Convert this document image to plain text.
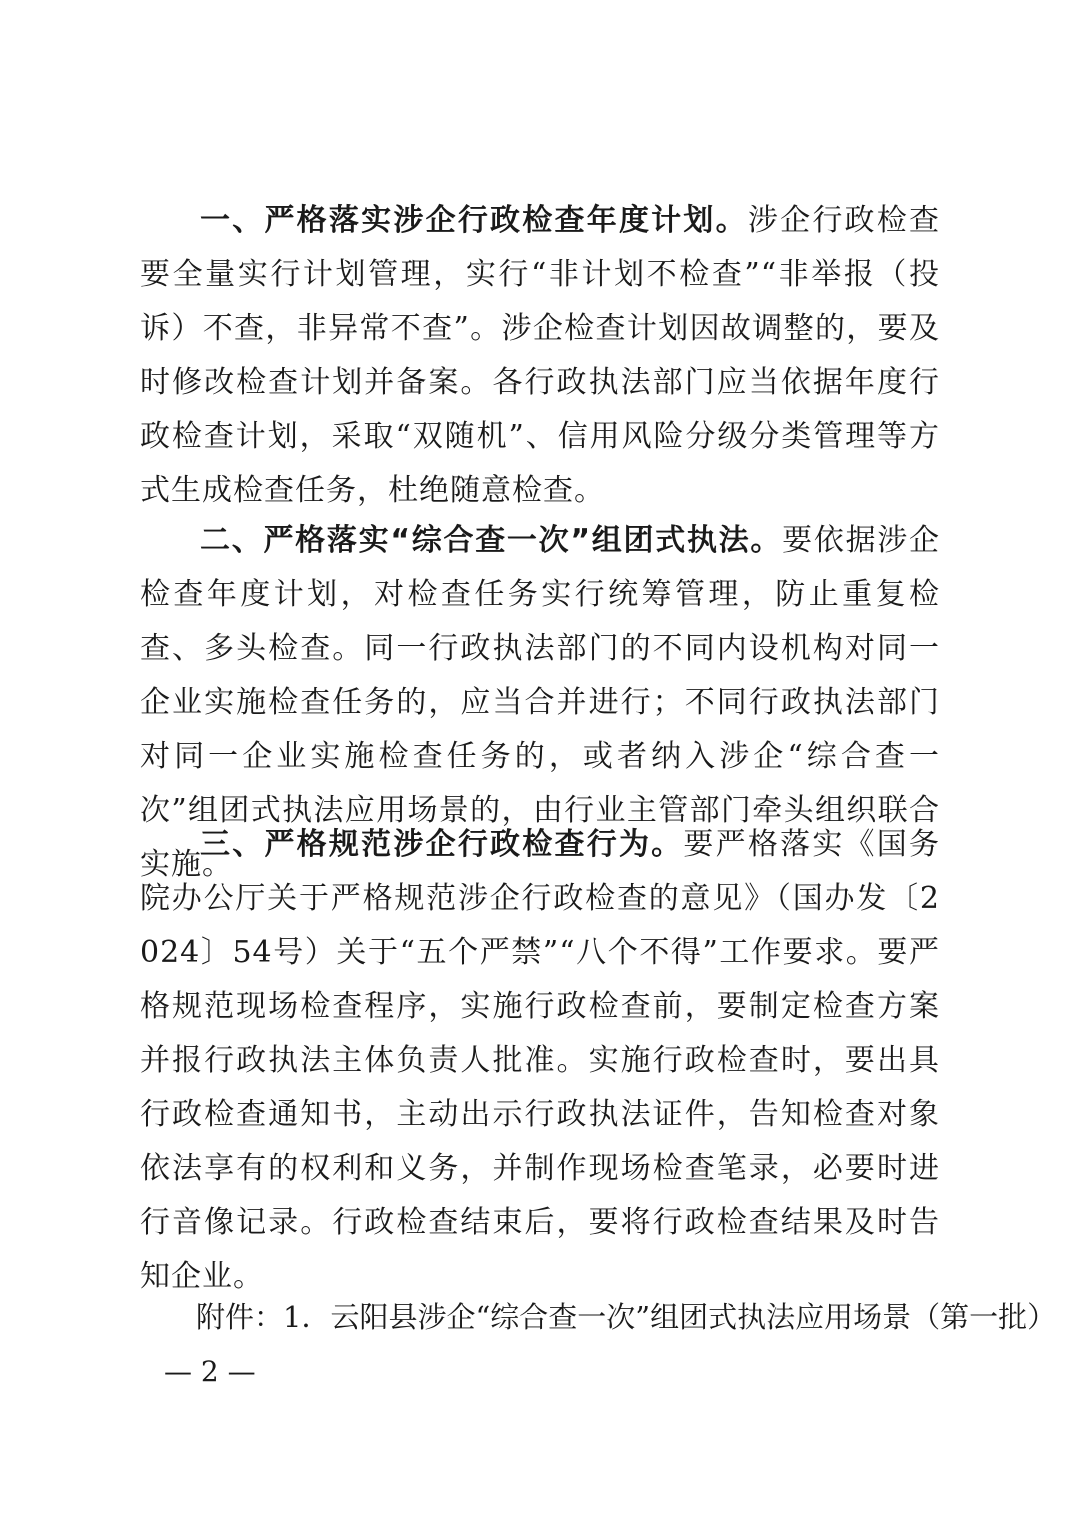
一、严格落实涉企行政检查年度计划。涉企行政检查要全量实行计划管理，实行“非计划不检查”“非举报（投诉）不查，非异常不查”。涉企检查计划因故调整的，要及时修改检查计划并备案。各行政执法部门应当依据年度行政检查计划，采取“双随机”、信用风险分级分类管理等方式生成检查任务，杜绝随意检查。

二、严格落实“综合查一次”组团式执法。要依据涉企检查年度计划，对检查任务实行统筹管理，防止重复检查、多头检查。同一行政执法部门的不同内设机构对同一企业实施检查任务的，应当合并进行；不同行政执法部门对同一企业实施检查任务的，或者纳入涉企“综合查一次”组团式执法应用场景的，由行业主管部门牵头组织联合实施。

三、严格规范涉企行政检查行为。要严格落实《国务院办公厅关于严格规范涉企行政检查的意见》（国办发〔2024〕54号）关于“五个严禁”“八个不得”工作要求。要严格规范现场检查程序，实施行政检查前，要制定检查方案并报行政执法主体负责人批准。实施行政检查时，要出具行政检查通知书，主动出示行政执法证件，告知检查对象依法享有的权利和义务，并制作现场检查笔录，必要时进行音像记录。行政检查结束后，要将行政检查结果及时告知企业。

附件：1．云阳县涉企“综合查一次”组团式执法应用场景（第一批）

— 2 —
